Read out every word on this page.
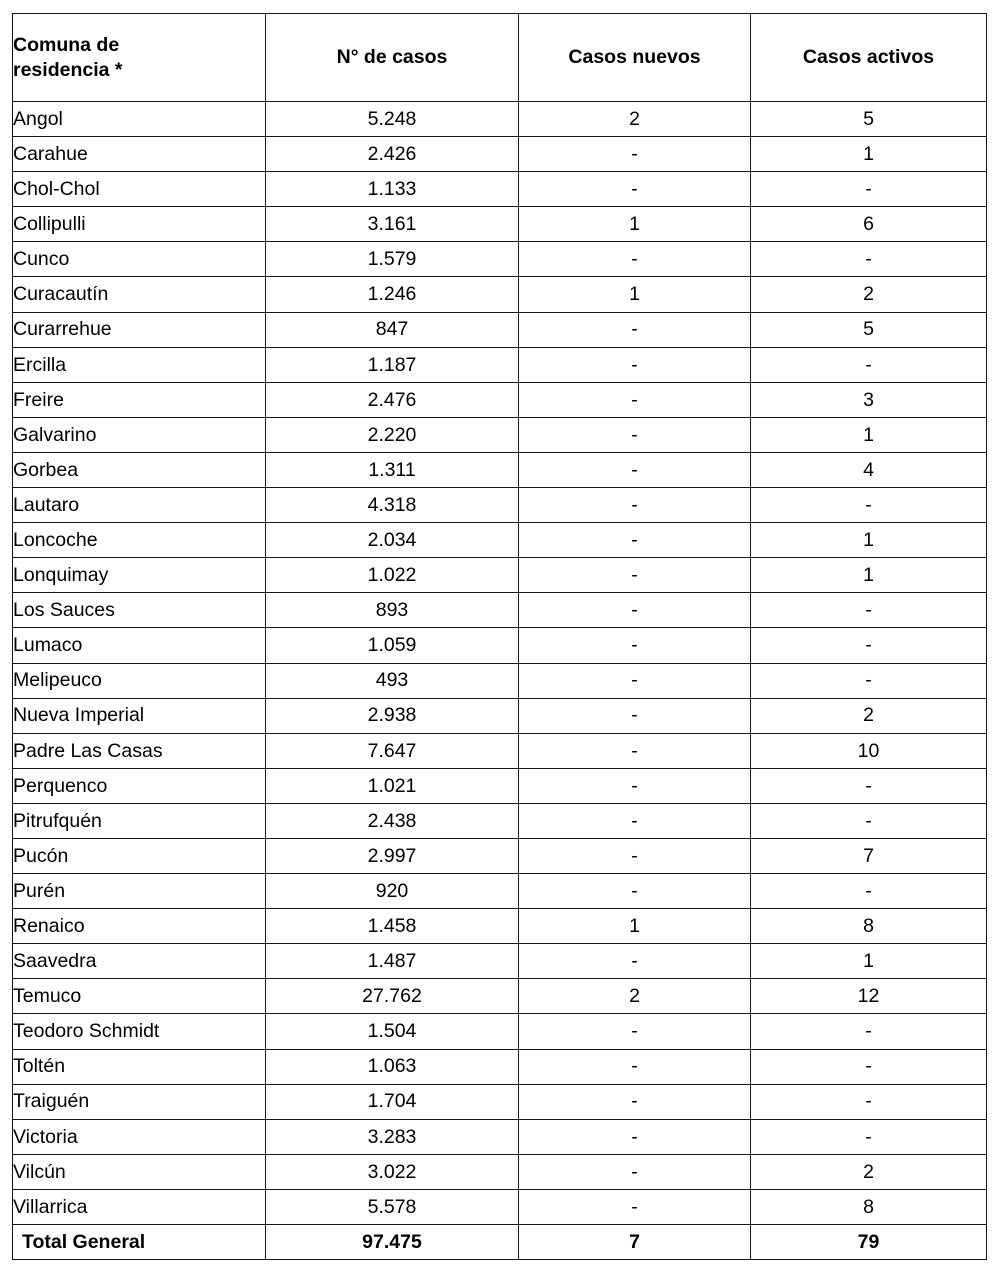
Comuna de
residencia *	N° de casos	Casos nuevos	Casos activos
Angol	5.248	2	5
Carahue	2.426	-	1
Chol-Chol	1.133	-	-
Collipulli	3.161	1	6
Cunco	1.579	-	-
Curacautín	1.246	1	2
Curarrehue	847	-	5
Ercilla	1.187	-	-
Freire	2.476	-	3
Galvarino	2.220	-	1
Gorbea	1.311	-	4
Lautaro	4.318	-	-
Loncoche	2.034	-	1
Lonquimay	1.022	-	1
Los Sauces	893	-	-
Lumaco	1.059	-	-
Melipeuco	493	-	-
Nueva Imperial	2.938	-	2
Padre Las Casas	7.647	-	10
Perquenco	1.021	-	-
Pitrufquén	2.438	-	-
Pucón	2.997	-	7
Purén	920	-	-
Renaico	1.458	1	8
Saavedra	1.487	-	1
Temuco	27.762	2	12
Teodoro Schmidt	1.504	-	-
Toltén	1.063	-	-
Traiguén	1.704	-	-
Victoria	3.283	-	-
Vilcún	3.022	-	2
Villarrica	5.578	-	8
Total General	97.475	7	79
